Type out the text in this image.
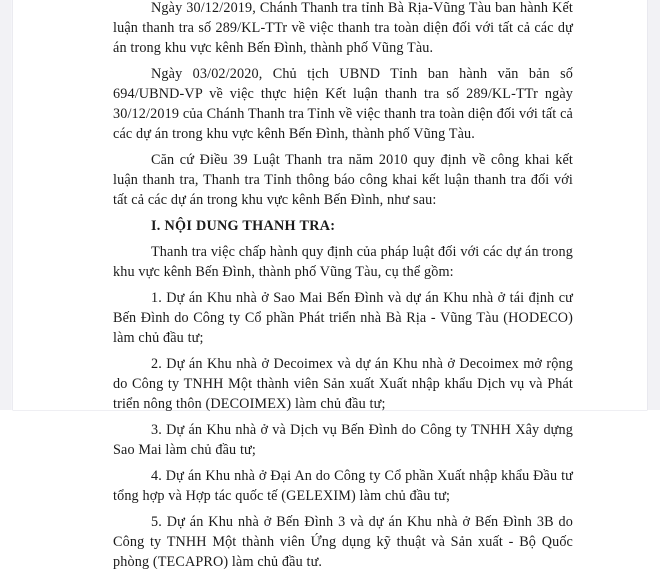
Ngày 30/12/2019, Chánh Thanh tra tỉnh Bà Rịa-Vũng Tàu ban hành Kết luận thanh tra số 289/KL-TTr về việc thanh tra toàn diện đối với tất cả các dự án trong khu vực kênh Bến Đình, thành phố Vũng Tàu.

Ngày 03/02/2020, Chủ tịch UBND Tỉnh ban hành văn bản số 694/UBND-VP về việc thực hiện Kết luận thanh tra số 289/KL-TTr ngày 30/12/2019 của Chánh Thanh tra Tỉnh về việc thanh tra toàn diện đối với tất cả các dự án trong khu vực kênh Bến Đình, thành phố Vũng Tàu.

Căn cứ Điều 39 Luật Thanh tra năm 2010 quy định về công khai kết luận thanh tra, Thanh tra Tỉnh thông báo công khai kết luận thanh tra đối với tất cả các dự án trong khu vực kênh Bến Đình, như sau:

I. NỘI DUNG THANH TRA:

Thanh tra việc chấp hành quy định của pháp luật đối với các dự án trong khu vực kênh Bến Đình, thành phố Vũng Tàu, cụ thể gồm:

1. Dự án Khu nhà ở Sao Mai Bến Đình và dự án Khu nhà ở tái định cư Bến Đình do Công ty Cổ phần Phát triển nhà Bà Rịa - Vũng Tàu (HODECO) làm chủ đầu tư;

2. Dự án Khu nhà ở Decoimex và dự án Khu nhà ở Decoimex mở rộng do Công ty TNHH Một thành viên Sản xuất Xuất nhập khẩu Dịch vụ và Phát triển nông thôn (DECOIMEX) làm chủ đầu tư;

3. Dự án Khu nhà ở và Dịch vụ Bến Đình do Công ty TNHH Xây dựng Sao Mai làm chủ đầu tư;

4. Dự án Khu nhà ở Đại An do Công ty Cổ phần Xuất nhập khẩu Đầu tư tổng hợp và Hợp tác quốc tế (GELEXIM) làm chủ đầu tư;

5. Dự án Khu nhà ở Bến Đình 3 và dự án Khu nhà ở Bến Đình 3B do Công ty TNHH Một thành viên Ứng dụng kỹ thuật và Sản xuất - Bộ Quốc phòng (TECAPRO) làm chủ đầu tư.
